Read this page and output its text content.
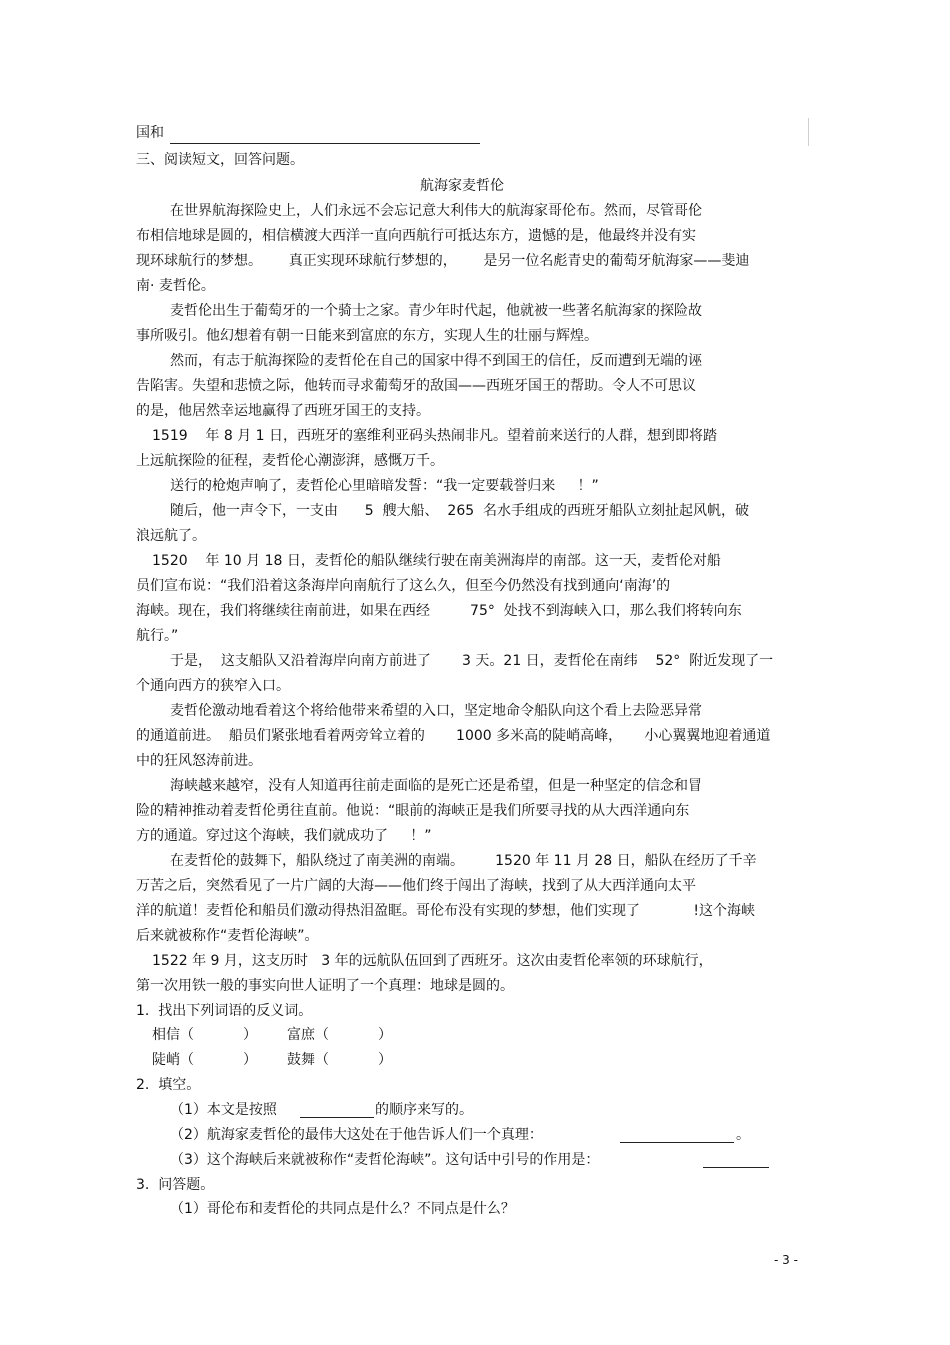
国和
三、阅读短文，回答问题。
航海家麦哲伦
在世界航海探险史上，人们永远不会忘记意大利伟大的航海家哥伦布。然而，尽管哥伦
布相信地球是圆的，相信横渡大西洋一直向西航行可抵达东方，遗憾的是，他最终并没有实
现环球航行的梦想。      真正实现环球航行梦想的，      是另一位名彪青史的葡萄牙航海家——斐迪
南· 麦哲伦。
麦哲伦出生于葡萄牙的一个骑士之家。青少年时代起，他就被一些著名航海家的探险故
事所吸引。他幻想着有朝一日能来到富庶的东方，实现人生的壮丽与辉煌。
然而，有志于航海探险的麦哲伦在自己的国家中得不到国王的信任，反而遭到无端的诬
告陷害。失望和悲愤之际，他转而寻求葡萄牙的敌国——西班牙国王的帮助。令人不可思议
的是，他居然幸运地赢得了西班牙国王的支持。
1519    年 8 月 1 日，西班牙的塞维利亚码头热闹非凡。望着前来送行的人群，想到即将踏
上远航探险的征程，麦哲伦心潮澎湃，感慨万千。
送行的枪炮声响了，麦哲伦心里暗暗发誓：“我一定要载誉归来     ！”
随后，他一声令下，一支由      5  艘大船、  265  名水手组成的西班牙船队立刻扯起风帆，破
浪远航了。
1520    年 10 月 18 日，麦哲伦的船队继续行驶在南美洲海岸的南部。这一天，麦哲伦对船
员们宣布说：“我们沿着这条海岸向南航行了这么久，但至今仍然没有找到通向‘南海’的
海峡。现在，我们将继续往南前进，如果在西经         75°  处找不到海峡入口，那么我们将转向东
航行。”
于是，  这支船队又沿着海岸向南方前进了       3 天。21 日，麦哲伦在南纬    52°  附近发现了一
个通向西方的狭窄入口。
麦哲伦激动地看着这个将给他带来希望的入口，坚定地命令船队向这个看上去险恶异常
的通道前进。  船员们紧张地看着两旁耸立着的       1000 多米高的陡峭高峰，     小心翼翼地迎着通道
中的狂风怒涛前进。
海峡越来越窄，没有人知道再往前走面临的是死亡还是希望，但是一种坚定的信念和冒
险的精神推动着麦哲伦勇往直前。他说：“眼前的海峡正是我们所要寻找的从大西洋通向东
方的通道。穿过这个海峡，我们就成功了     ！”
在麦哲伦的鼓舞下，船队绕过了南美洲的南端。       1520 年 11 月 28 日，船队在经历了千辛
万苦之后，突然看见了一片广阔的大海——他们终于闯出了海峡，找到了从大西洋通向太平
洋的航道！麦哲伦和船员们激动得热泪盈眶。哥伦布没有实现的梦想，他们实现了            !这个海峡
后来就被称作“麦哲伦海峡”。
1522 年 9 月，这支历时   3 年的远航队伍回到了西班牙。这次由麦哲伦率领的环球航行，
第一次用铁一般的事实向世人证明了一个真理：地球是圆的。
1.  找出下列词语的反义词。
相信（           ） 富庶（           ）
陡峭（           ） 鼓舞（           ）
2.  填空。
（1）本文是按照	的顺序来写的。
（2）航海家麦哲伦的最伟大这处在于他告诉人们一个真理：	。
（3）这个海峡后来就被称作“麦哲伦海峡”。这句话中引号的作用是：
3.  问答题。
（1）哥伦布和麦哲伦的共同点是什么？不同点是什么？
- 3 -
